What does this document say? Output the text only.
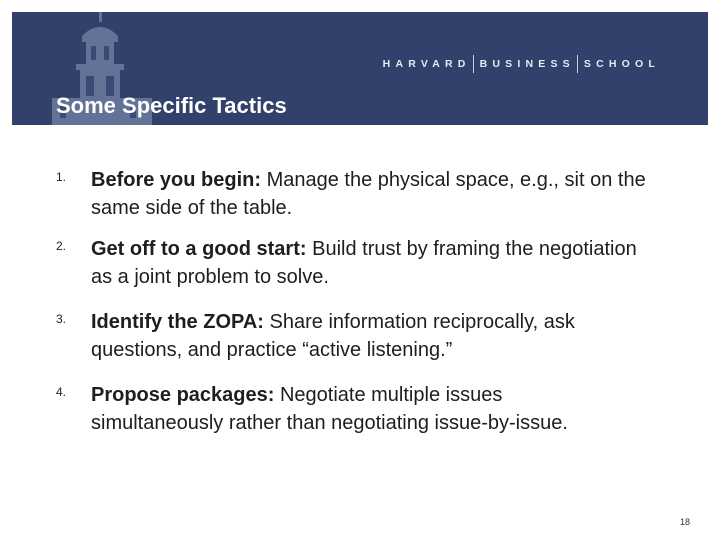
HARVARD BUSINESS SCHOOL
Some Specific Tactics
1. Before you begin: Manage the physical space, e.g., sit on the same side of the table.
2. Get off to a good start: Build trust by framing the negotiation as a joint problem to solve.
3. Identify the ZOPA: Share information reciprocally, ask questions, and practice “active listening.”
4. Propose packages: Negotiate multiple issues simultaneously rather than negotiating issue-by-issue.
18
